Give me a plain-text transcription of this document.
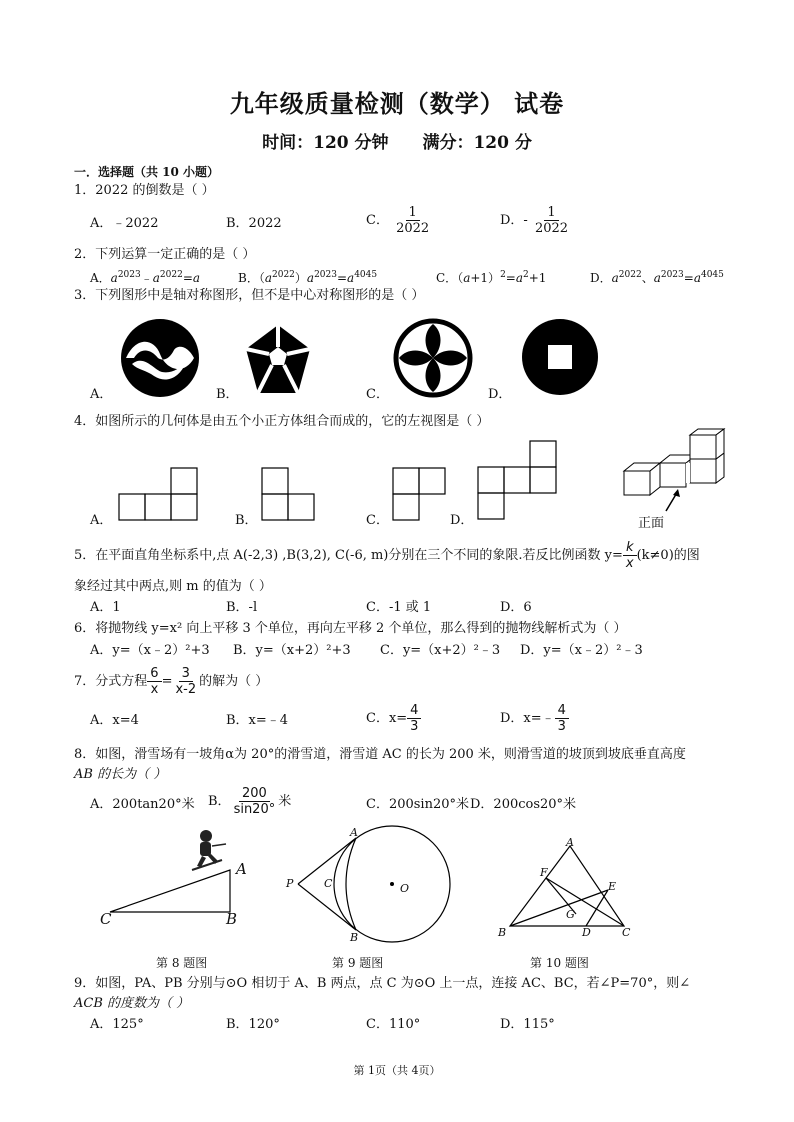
九年级质量检测（数学） 试卷
时间：120 分钟 满分：120 分
一．选择题（共 10 小题）
1．2022 的倒数是（ ）
A．﹣2022	B．2022	C． $\frac{1}{2022}$	D．- $\frac{1}{2022}$
2．下列运算一定正确的是（ ）
A．$a^{2023}﹣a^{2022}=a$	B．$(a^{2022})a^{2023}=a^{4045}$	C．$(a+1)^2=a^2+1$	D．$a^{2022}$、$a^{2023}=a^{4045}$
3．下列图形中是轴对称图形，但不是中心对称图形的是（ ）
A．	B．	C．	D．
4．如图所示的几何体是由五个小正方体组合而成的，它的左视图是（ ）
正面
A．	B．	C．	D．
5．在平面直角坐标系中,点 A(-2,3) ,B(3,2), C(-6, m)分别在三个不同的象限.若反比例函数 $y= \frac{k}{x} (k\ne 0)$的图
象经过其中两点,则 m 的值为（ ）
A．1	B．-l	C．-1 或 1	D．6
6．将抛物线 y=x² 向上平移 3 个单位，再向左平移 2 个单位，那么得到的抛物线解析式为（ ）
A．y=（x﹣2）²+3 B．y=（x+2）²+3 C．y=（x+2）²﹣3 D．y=（x﹣2）²﹣3
7．分式方程 $\frac{6}{x} = \frac{3}{x-2}$ 的解为（ ）
A．x=4	B．x=﹣4	C．$x= \frac{4}{3}$	D．x=﹣ $\frac{4}{3}$
8．如图，滑雪场有一坡角α为 20°的滑雪道，滑雪道 AC 的长为 200 米，则滑雪道的坡顶到坡底垂直高度
AB 的长为（ ）
A．200tan20°米 B． $\frac{200}{\sin 20^\circ}$ 米	C．200sin20°米 D．200cos20°米
C	B
A
第 8 题图
P
A
B
C	O
第 9 题图
A
B	C
D
E
F
G
第 10 题图
9．如图，PA、PB 分别与⊙O 相切于 A、B 两点，点 C 为⊙O 上一点，连接 AC、BC，若∠P=70°，则∠
ACB 的度数为（ ）
A．125°	B．120°	C．110°	D．115°
第 1页（共 4页）
